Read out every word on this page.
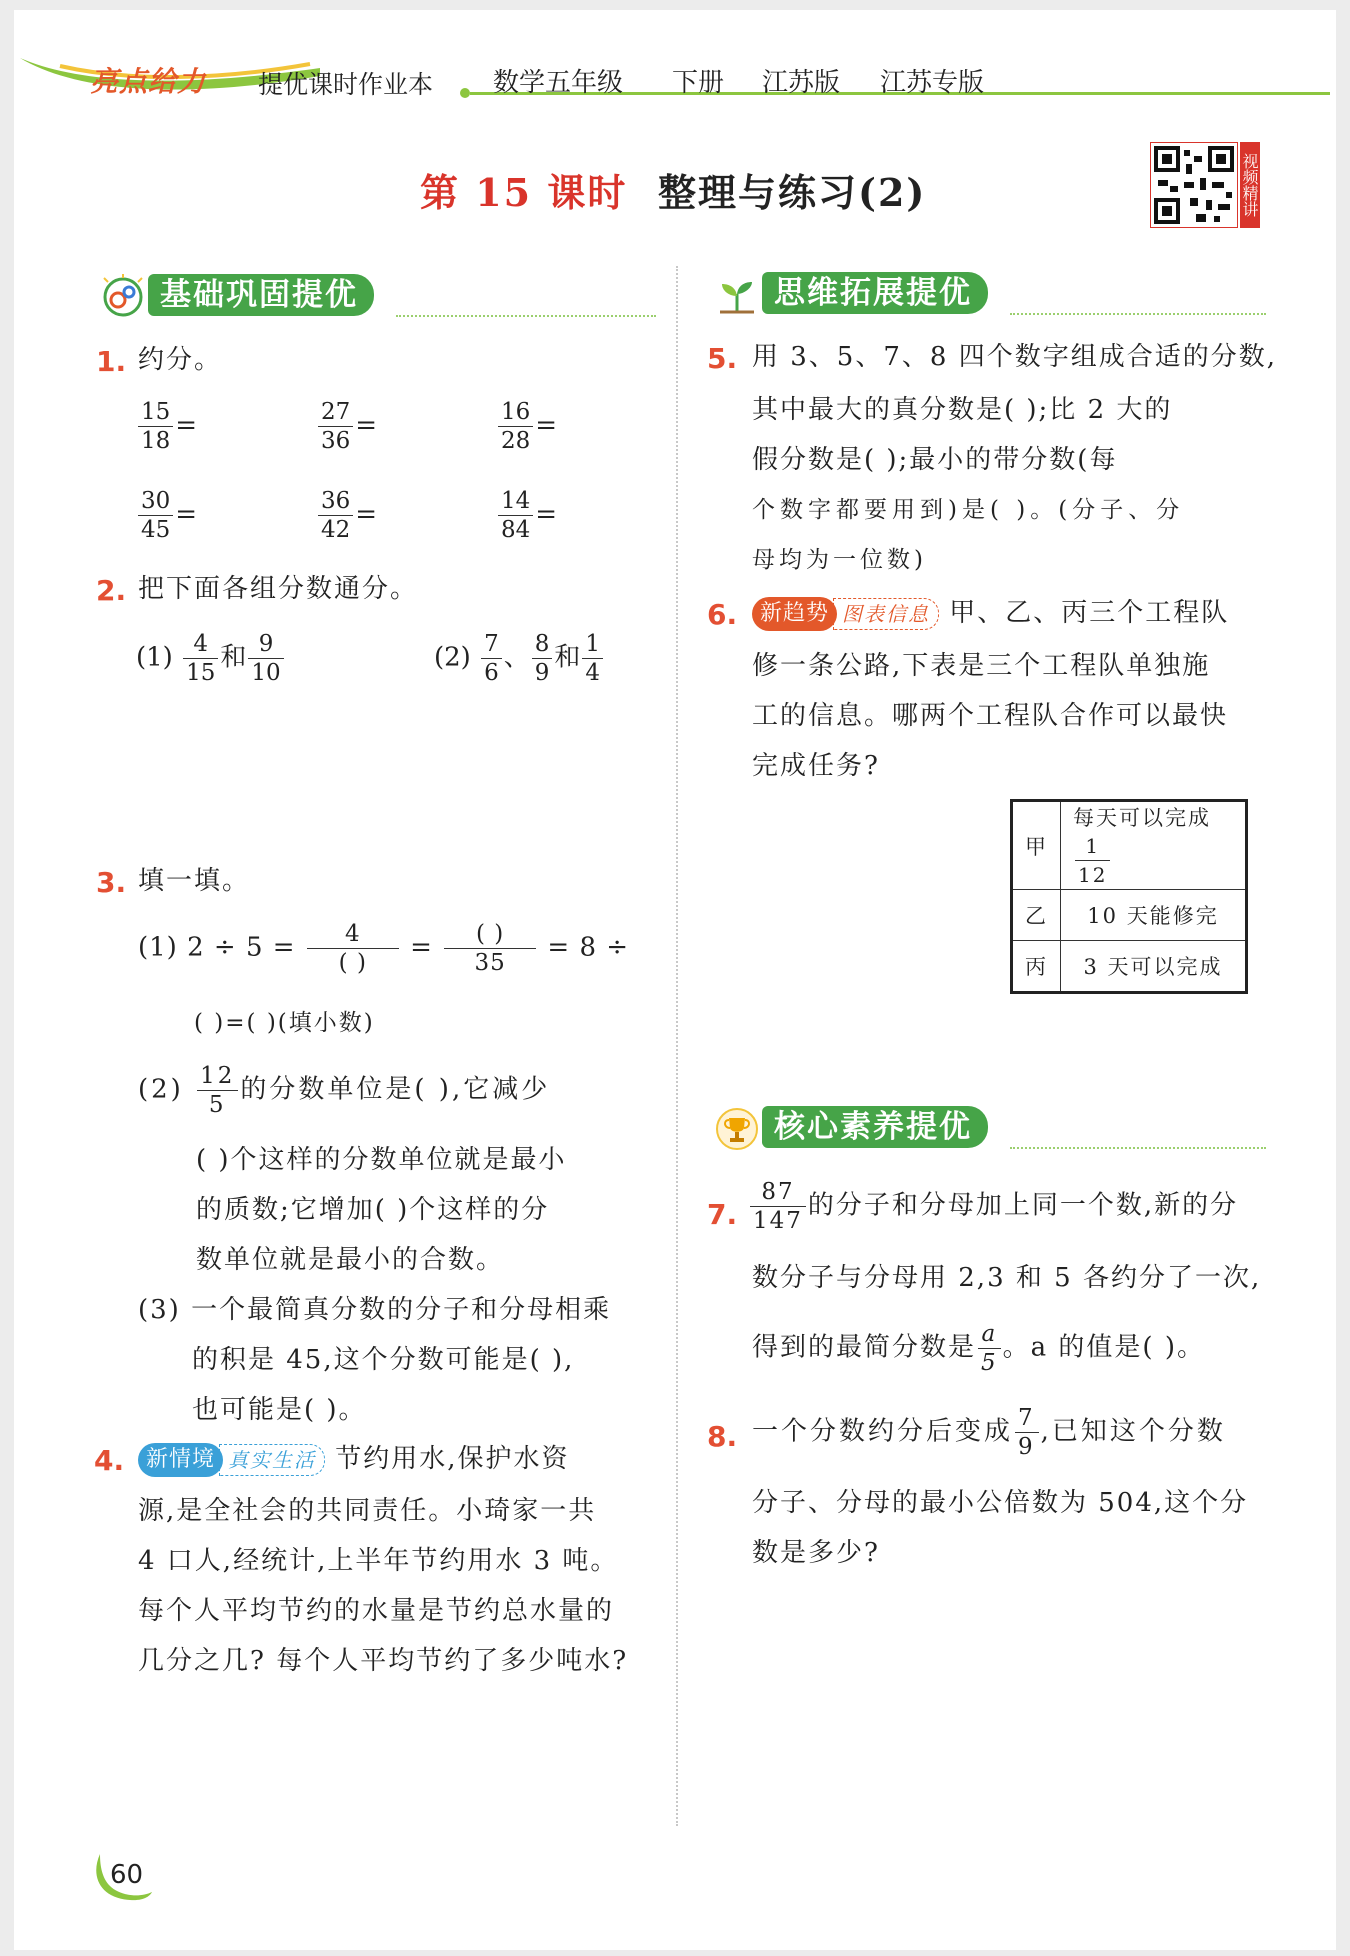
亮点给力 提优课时作业本 数学五年级 下册 江苏版 江苏专版
第 15 课时 整理与练习(2)	视频精讲
基础巩固提优
1. 约分。
$\frac{15}{18}$ =	$\frac{27}{36}$ =	$\frac{16}{28}$ =
$\frac{30}{45}$ =	$\frac{36}{42}$ =	$\frac{14}{84}$ =
2. 把下面各组分数通分。
$(1) \frac{4}{15}$ 和 $\frac{9}{10}$	$(2) \frac{7}{6}$ 、 $\frac{8}{9}$ 和 $\frac{1}{4}$
3. 填一填。
(1) 2 ÷ 5 =	4
( )
=	( )
35
= 8 ÷
( )=( )(填小数)
$(2) \frac{12}{5}$ 的分数单位是( ),它减少
( )个这样的分数单位就是最小
的质数;它增加( )个这样的分
数单位就是最小的合数。
(3) 一个最简真分数的分子和分母相乘
的积是 45,这个分数可能是( ),
也可能是( )。
4. 新情境 真实生活 节约用水,保护水资
源,是全社会的共同责任。小琦家一共
4 口人,经统计,上半年节约用水 3 吨。
每个人平均节约的水量是节约总水量的
几分之几? 每个人平均节约了多少吨水?
思维拓展提优
5. 用 3、5、7、8 四个数字组成合适的分数,
其中最大的真分数是( );比 2 大的
假分数是( );最小的带分数(每
个数字都要用到)是( )。(分子、分
母均为一位数)
6.	新趋势 图表信息 甲、乙、丙三个工程队
修一条公路,下表是三个工程队单独施
工的信息。哪两个工程队合作可以最快
完成任务?
甲	每天可以完成
$\frac{1}{12}$

乙	10 天能修完
丙	3 天可以完成
核心素养提优
7. $\frac{87}{147}$ 的分子和分母加上同一个数,新的分
数分子与分母用 2,3 和 5 各约分了一次,
得到的最简分数是 $\frac{a}{5}$ 。a 的值是( )。
8. 一个分数约分后变成 $\frac{7}{9}$ ,已知这个分数
分子、分母的最小公倍数为 504,这个分
数是多少?
60
